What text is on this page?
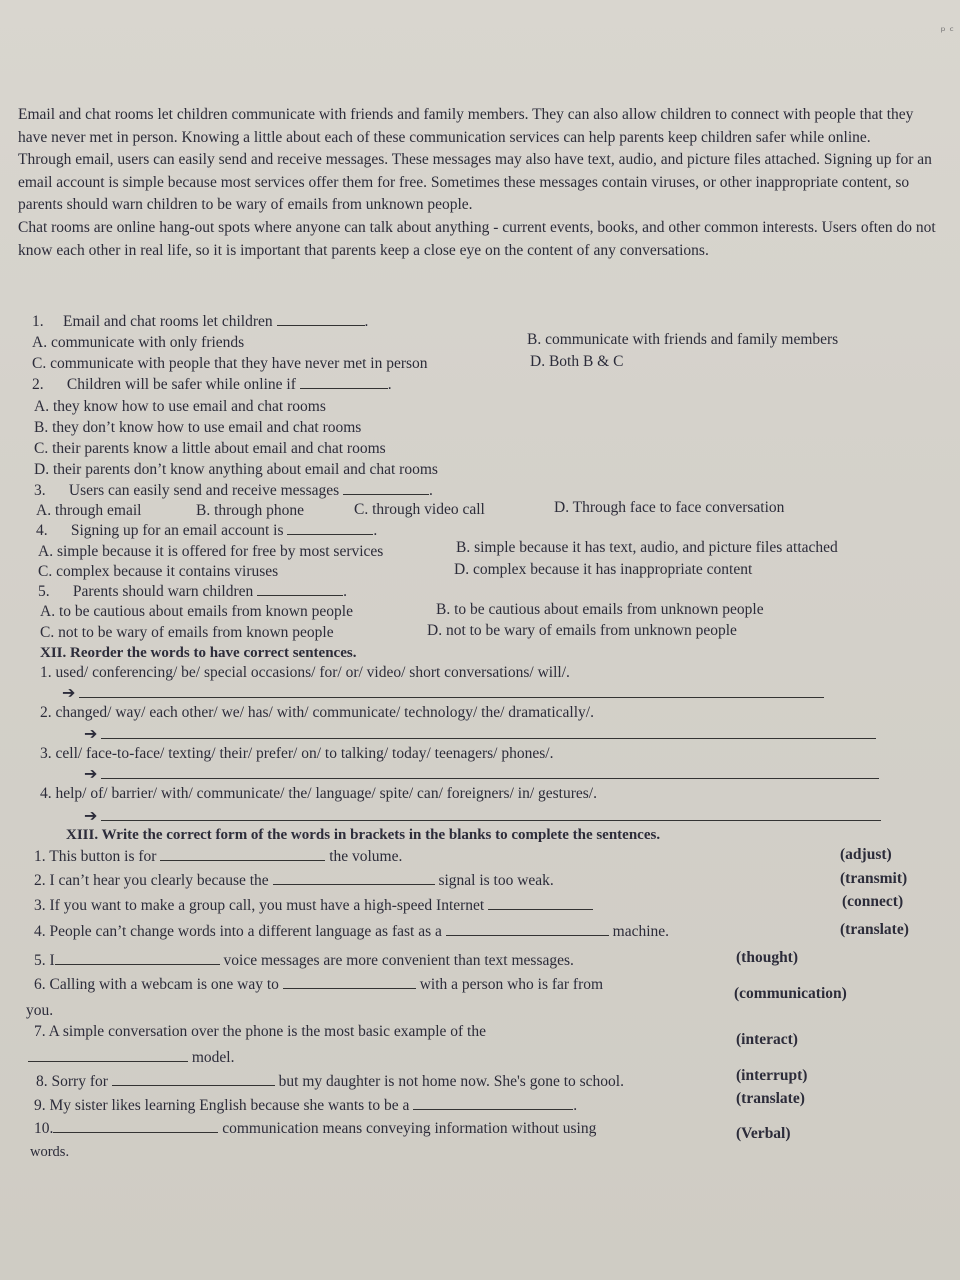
ᵖ ᶜ

Email and chat rooms let children communicate with friends and family members. They can also allow children to connect with people that they have never met in person. Knowing a little about each of these communication services can help parents keep children safer while online.

Through email, users can easily send and receive messages. These messages may also have text, audio, and picture files attached. Signing up for an email account is simple because most services offer them for free. Sometimes these messages contain viruses, or other inappropriate content, so parents should warn children to be wary of emails from unknown people.

Chat rooms are online hang-out spots where anyone can talk about anything - current events, books, and other common interests. Users often do not know each other in real life, so it is important that parents keep a close eye on the content of any conversations.

1. Email and chat rooms let children	.
A. communicate with only friends	B. communicate with friends and family members
C. communicate with people that they have never met in person	D. Both B & C
2. Children will be safer while online if	.
A. they know how to use email and chat rooms
B. they don’t know how to use email and chat rooms
C. their parents know a little about email and chat rooms
D. their parents don’t know anything about email and chat rooms
3. Users can easily send and receive messages	.
A. through email	B. through phone	C. through video call	D. Through face to face conversation
4. Signing up for an email account is	.
A. simple because it is offered for free by most services	B. simple because it has text, audio, and picture files attached
C. complex because it contains viruses	D. complex because it has inappropriate content
5. Parents should warn children	.
A. to be cautious about emails from known people	B. to be cautious about emails from unknown people
C. not to be wary of emails from known people	D. not to be wary of emails from unknown people
XII. Reorder the words to have correct sentences.
1. used/ conferencing/ be/ special occasions/ for/ or/ video/ short conversations/ will/.
➔
2. changed/ way/ each other/ we/ has/ with/ communicate/ technology/ the/ dramatically/.
➔
3. cell/ face-to-face/ texting/ their/ prefer/ on/ to talking/ today/ teenagers/ phones/.
➔
4. help/ of/ barrier/ with/ communicate/ the/ language/ spite/ can/ foreigners/ in/ gestures/.
➔
XIII. Write the correct form of the words in brackets in the blanks to complete the sentences.
1. This button is for	the volume.	(adjust)
2. I can’t hear you clearly because the	signal is too weak.	(transmit)
3. If you want to make a group call, you must have a high-speed Internet	(connect)
4. People can’t change words into a different language as fast as a	machine.	(translate)
5. I	voice messages are more convenient than text messages.	(thought)
6. Calling with a webcam is one way to	with a person who is far from
(communication)
you.
7. A simple conversation over the phone is the most basic example of the	(interact)
model.
8. Sorry for	but my daughter is not home now. She's gone to school.	(interrupt)
9. My sister likes learning English because she wants to be a	.	(translate)
10.	communication means conveying information without using	(Verbal)
words.
